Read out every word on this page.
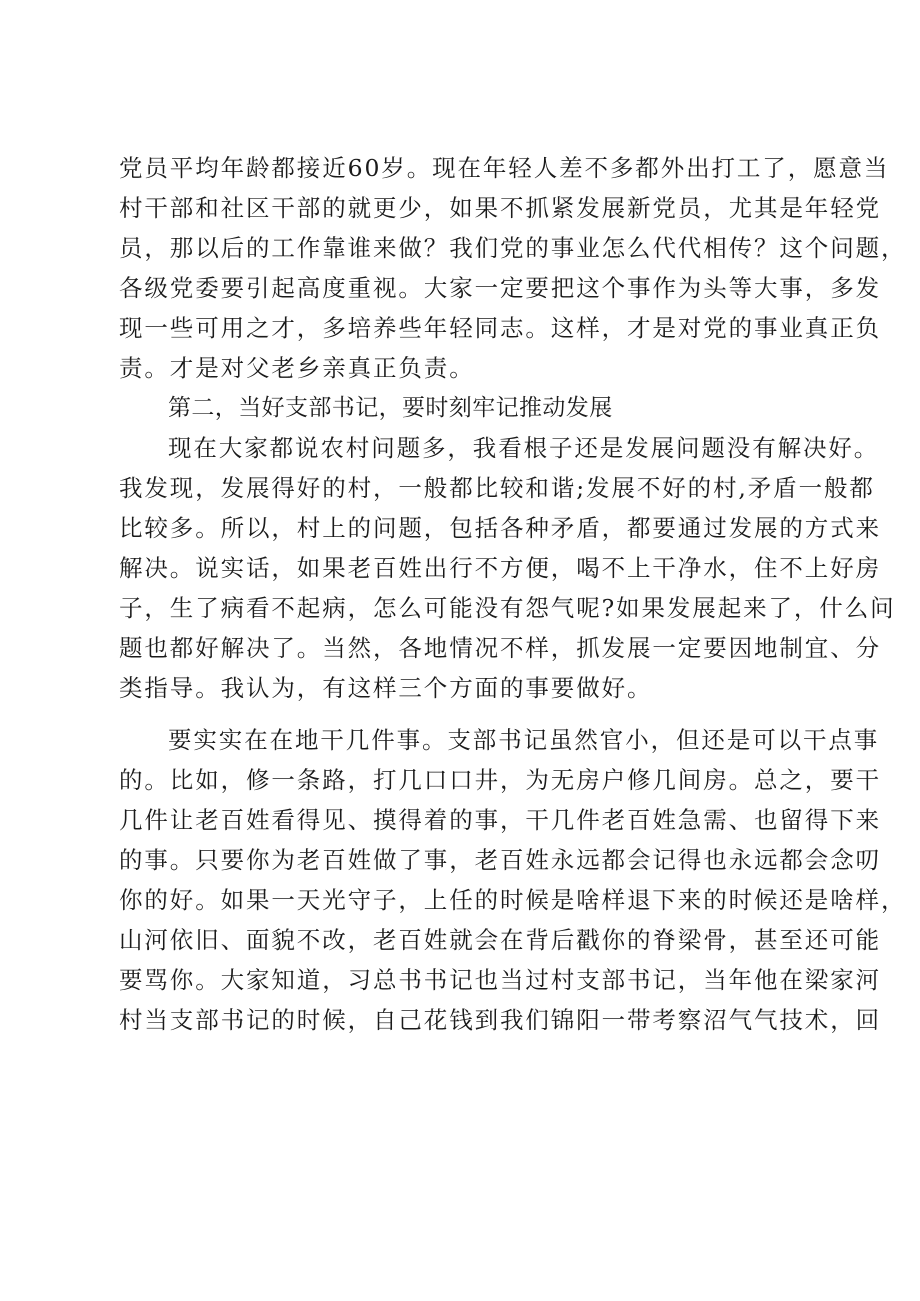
党员平均年龄都接近60岁。现在年轻人差不多都外出打工了，愿意当
村干部和社区干部的就更少，如果不抓紧发展新党员，尤其是年轻党
员，那以后的工作靠谁来做？我们党的事业怎么代代相传？这个问题，
各级党委要引起高度重视。大家一定要把这个事作为头等大事，多发
现一些可用之才，多培养些年轻同志。这样，才是对党的事业真正负
责。才是对父老乡亲真正负责。
第二，当好支部书记，要时刻牢记推动发展
现在大家都说农村问题多，我看根子还是发展问题没有解决好。
我发现，发展得好的村，一般都比较和谐;发展不好的村,矛盾一般都
比较多。所以，村上的问题，包括各种矛盾，都要通过发展的方式来
解决。说实话，如果老百姓出行不方便，喝不上干净水，住不上好房
子，生了病看不起病，怎么可能没有怨气呢?如果发展起来了，什么问
题也都好解决了。当然，各地情况不样，抓发展一定要因地制宜、分
类指导。我认为，有这样三个方面的事要做好。
要实实在在地干几件事。支部书记虽然官小，但还是可以干点事
的。比如，修一条路，打几口口井，为无房户修几间房。总之，要干
几件让老百姓看得见、摸得着的事，干几件老百姓急需、也留得下来
的事。只要你为老百姓做了事，老百姓永远都会记得也永远都会念叨
你的好。如果一天光守子，上任的时候是啥样退下来的时候还是啥样，
山河依旧、面貌不改，老百姓就会在背后戳你的脊梁骨，甚至还可能
要骂你。大家知道，习总书书记也当过村支部书记，当年他在梁家河
村当支部书记的时候，自己花钱到我们锦阳一带考察沼气气技术，回
